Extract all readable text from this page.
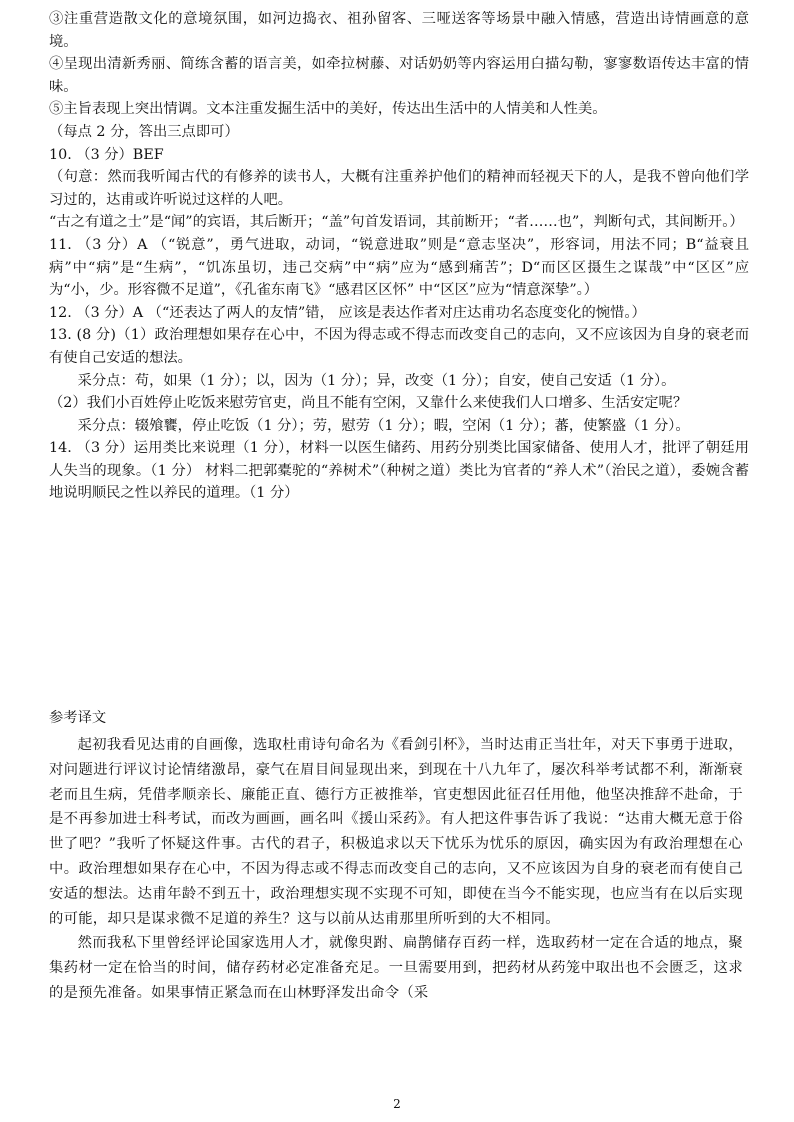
③注重营造散文化的意境氛围，如河边捣衣、祖孙留客、三哑送客等场景中融入情感，营造出诗情画意的意境。

④呈现出清新秀丽、简练含蓄的语言美，如牵拉树藤、对话奶奶等内容运用白描勾勒，寥寥数语传达丰富的情味。

⑤主旨表现上突出情调。文本注重发掘生活中的美好，传达出生活中的人情美和人性美。

（每点 2 分，答出三点即可）

10. （3 分）BEF

（句意：然而我听闻古代的有修养的读书人，大概有注重养护他们的精神而轻视天下的人，是我不曾向他们学习过的，达甫或许听说过这样的人吧。

“古之有道之士”是“闻”的宾语，其后断开；“盖”句首发语词，其前断开；“者……也”，判断句式，其间断开。）

11. （3 分）A （“锐意”，勇气进取，动词，“锐意进取”则是“意志坚决”，形容词，用法不同；B“益衰且病”中“病”是“生病”，“饥冻虽切，违己交病”中“病”应为“感到痛苦”；D“而区区摄生之谋哉”中“区区”应为“小，少。形容微不足道”，《孔雀东南飞》“感君区区怀” 中“区区”应为“情意深挚”。）

12. （3 分）A （“还表达了两人的友情”错， 应该是表达作者对庄达甫功名态度变化的惋惜。）

13. (8 分)（1）政治理想如果存在心中，不因为得志或不得志而改变自己的志向，又不应该因为自身的衰老而有使自己安适的想法。

采分点：苟，如果（1 分）；以，因为（1 分）；异，改变（1 分）；自安，使自己安适（1 分）。

（2）我们小百姓停止吃饭来慰劳官吏，尚且不能有空闲，又靠什么来使我们人口增多、生活安定呢？

采分点：辍飧饔，停止吃饭（1 分）；劳，慰劳（1 分）；暇，空闲（1 分）；蕃，使繁盛（1 分）。

14. （3 分）运用类比来说理（1 分），材料一以医生储药、用药分别类比国家储备、使用人才，批评了朝廷用人失当的现象。（1 分） 材料二把郭橐驼的“养树术”（种树之道）类比为官者的“养人术”（治民之道），委婉含蓄地说明顺民之性以养民的道理。（1 分）

参考译文

起初我看见达甫的自画像，选取杜甫诗句命名为《看剑引杯》，当时达甫正当壮年，对天下事勇于进取，对问题进行评议讨论情绪激昂，豪气在眉目间显现出来，到现在十八九年了，屡次科举考试都不利，渐渐衰老而且生病，凭借孝顺亲长、廉能正直、德行方正被推举，官吏想因此征召任用他，他坚决推辞不赴命，于是不再参加进士科考试，而改为画画，画名叫《援山采药》。有人把这件事告诉了我说：“达甫大概无意于俗世了吧？”我听了怀疑这件事。古代的君子，积极追求以天下忧乐为忧乐的原因，确实因为有政治理想在心中。政治理想如果存在心中，不因为得志或不得志而改变自己的志向，又不应该因为自身的衰老而有使自己安适的想法。达甫年龄不到五十，政治理想实现不实现不可知，即使在当今不能实现，也应当有在以后实现的可能，却只是谋求微不足道的养生？这与以前从达甫那里所听到的大不相同。

然而我私下里曾经评论国家选用人才，就像臾跗、扁鹊储存百药一样，选取药材一定在合适的地点，聚集药材一定在恰当的时间，储存药材必定准备充足。一旦需要用到，把药材从药笼中取出也不会匮乏，这求的是预先准备。如果事情正紧急而在山林野泽发出命令（采

2
